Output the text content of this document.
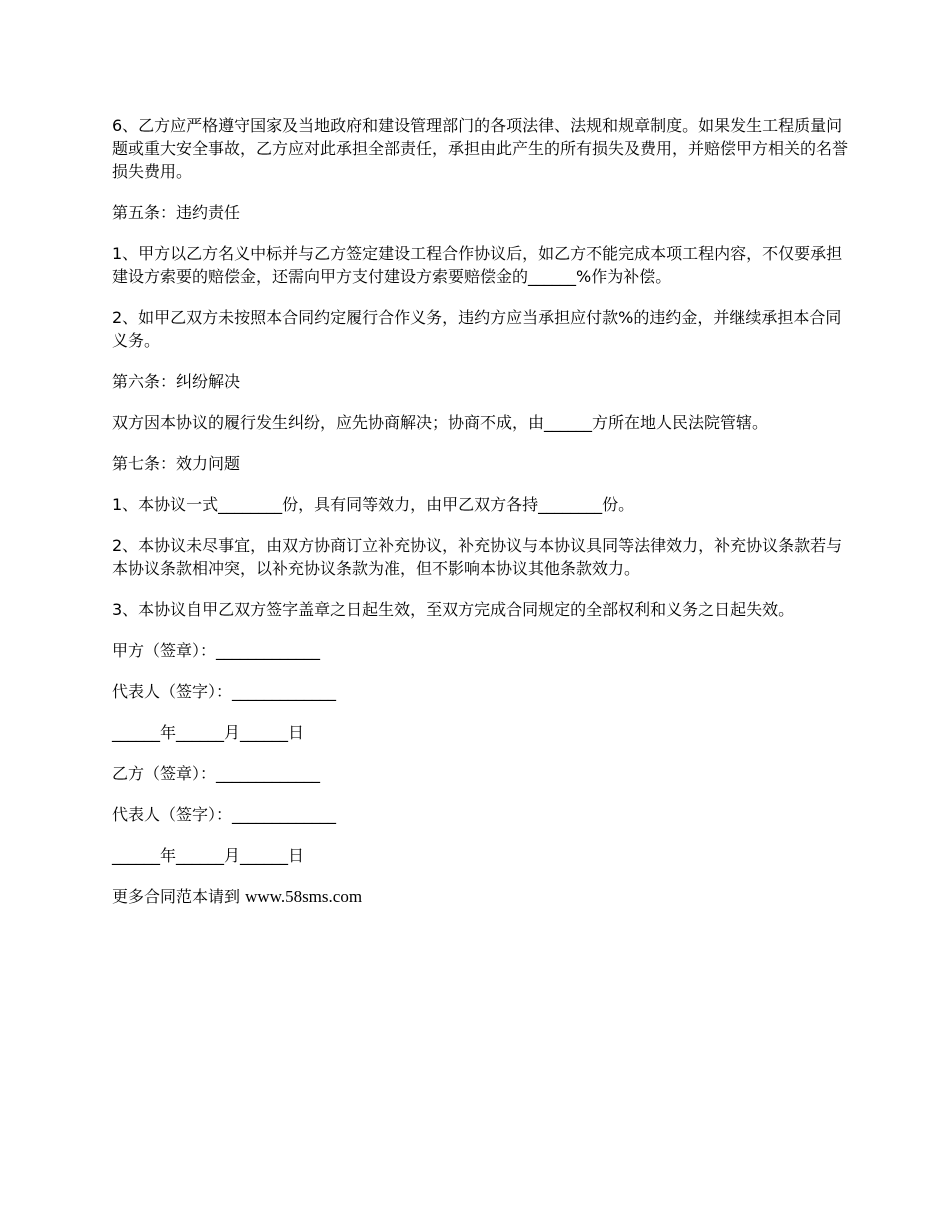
6、乙方应严格遵守国家及当地政府和建设管理部门的各项法律、法规和规章制度。如果发生工程质量问题或重大安全事故，乙方应对此承担全部责任，承担由此产生的所有损失及费用，并赔偿甲方相关的名誉损失费用。

第五条：违约责任

1、甲方以乙方名义中标并与乙方签定建设工程合作协议后，如乙方不能完成本项工程内容，不仅要承担建设方索要的赔偿金，还需向甲方支付建设方索要赔偿金的______%作为补偿。

2、如甲乙双方未按照本合同约定履行合作义务，违约方应当承担应付款%的违约金，并继续承担本合同义务。

第六条：纠纷解决

双方因本协议的履行发生纠纷，应先协商解决；协商不成，由______方所在地人民法院管辖。

第七条：效力问题

1、本协议一式________份，具有同等效力，由甲乙双方各持________份。

2、本协议未尽事宜，由双方协商订立补充协议，补充协议与本协议具同等法律效力，补充协议条款若与本协议条款相冲突，以补充协议条款为准，但不影响本协议其他条款效力。

3、本协议自甲乙双方签字盖章之日起生效，至双方完成合同规定的全部权利和义务之日起失效。

甲方（签章）：_____________

代表人（签字）：_____________

______年______月______日

乙方（签章）：_____________

代表人（签字）：_____________

______年______月______日

更多合同范本请到 www.58sms.com
